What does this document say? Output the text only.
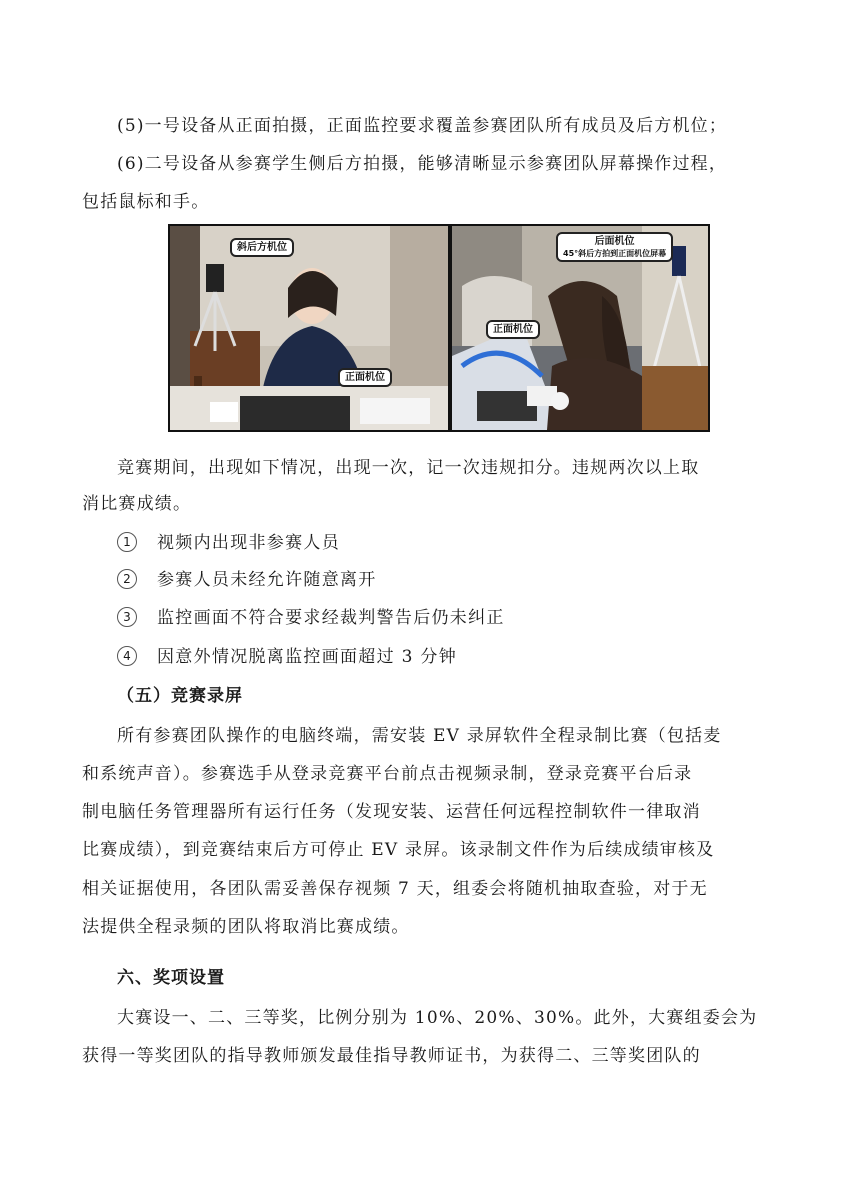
(5)一号设备从正面拍摄，正面监控要求覆盖参赛团队所有成员及后方机位；
(6)二号设备从参赛学生侧后方拍摄，能够清晰显示参赛团队屏幕操作过程，
包括鼠标和手。
斜后方机位
正面机位
后面机位
45°斜后方拍到正面机位屏幕
正面机位
竞赛期间，出现如下情况，出现一次，记一次违规扣分。违规两次以上取
消比赛成绩。
1 视频内出现非参赛人员
2 参赛人员未经允许随意离开
3 监控画面不符合要求经裁判警告后仍未纠正
4 因意外情况脱离监控画面超过 3 分钟
（五）竞赛录屏
所有参赛团队操作的电脑终端，需安装 EV 录屏软件全程录制比赛（包括麦
和系统声音）。参赛选手从登录竞赛平台前点击视频录制，登录竞赛平台后录
制电脑任务管理器所有运行任务（发现安装、运营任何远程控制软件一律取消
比赛成绩），到竞赛结束后方可停止 EV 录屏。该录制文件作为后续成绩审核及
相关证据使用，各团队需妥善保存视频 7 天，组委会将随机抽取查验，对于无
法提供全程录频的团队将取消比赛成绩。
六、奖项设置
大赛设一、二、三等奖，比例分别为 10%、20%、30%。此外，大赛组委会为
获得一等奖团队的指导教师颁发最佳指导教师证书，为获得二、三等奖团队的
